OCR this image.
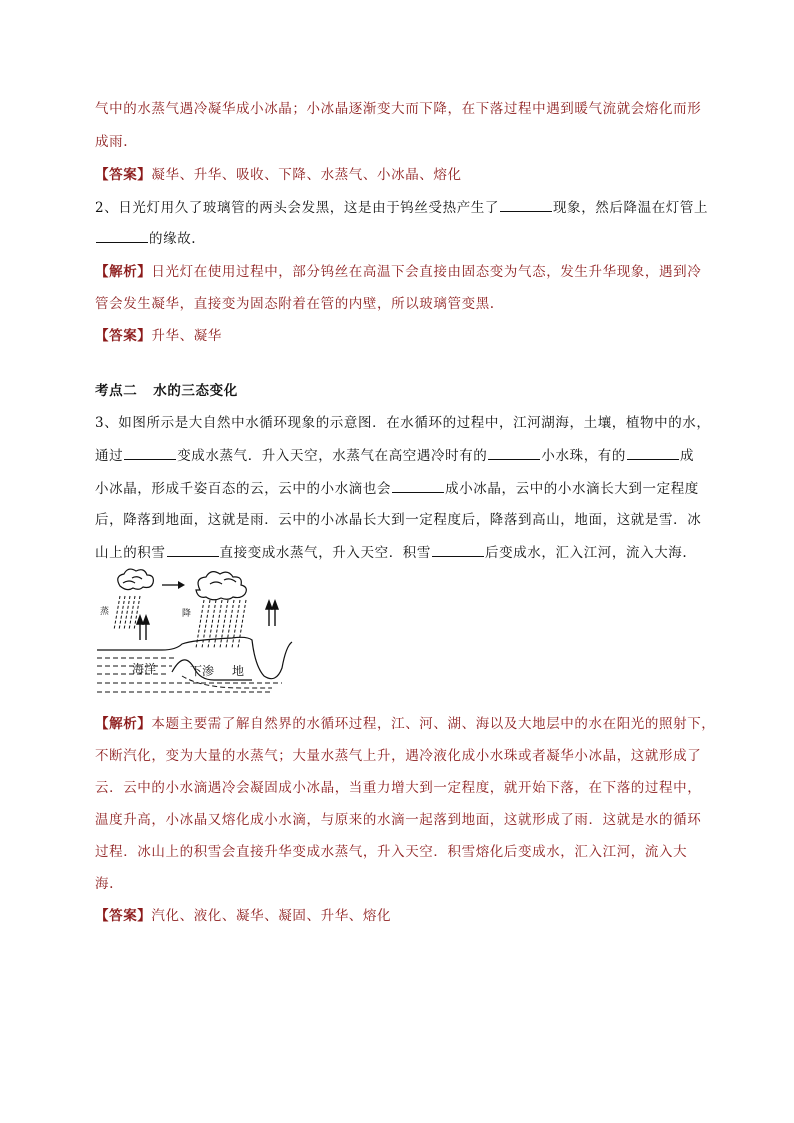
气中的水蒸气遇冷凝华成小冰晶；小冰晶逐渐变大而下降，在下落过程中遇到暖气流就会熔化而形
成雨.
【答案】凝华、升华、吸收、下降、水蒸气、小冰晶、熔化
2、日光灯用久了玻璃管的两头会发黑，这是由于钨丝受热产生了	现象，然后降温在灯管上
的缘故.
【解析】日光灯在使用过程中，部分钨丝在高温下会直接由固态变为气态，发生升华现象，遇到冷
管会发生凝华，直接变为固态附着在管的内壁，所以玻璃管变黑.
【答案】升华、凝华
考点二 水的三态变化
3、如图所示是大自然中水循环现象的示意图．在水循环的过程中，江河湖海，土壤，植物中的水，
通过	变成水蒸气．升入天空，水蒸气在高空遇冷时有的	小水珠，有的	成
小冰晶，形成千姿百态的云，云中的小水滴也会	成小冰晶，云中的小水滴长大到一定程度
后，降落到地面，这就是雨．云中的小冰晶长大到一定程度后，降落到高山，地面，这就是雪．冰
山上的积雪	直接变成水蒸气，升入天空．积雪	后变成水，汇入江河，流入大海.
海洋	下渗 地
蒸	降
【解析】本题主要需了解自然界的水循环过程，江、河、湖、海以及大地层中的水在阳光的照射下，
不断汽化，变为大量的水蒸气；大量水蒸气上升，遇冷液化成小水珠或者凝华小冰晶，这就形成了
云．云中的小水滴遇冷会凝固成小冰晶，当重力增大到一定程度，就开始下落，在下落的过程中，
温度升高，小冰晶又熔化成小水滴，与原来的水滴一起落到地面，这就形成了雨．这就是水的循环
过程．冰山上的积雪会直接升华变成水蒸气，升入天空．积雪熔化后变成水，汇入江河，流入大
海.
【答案】汽化、液化、凝华、凝固、升华、熔化
